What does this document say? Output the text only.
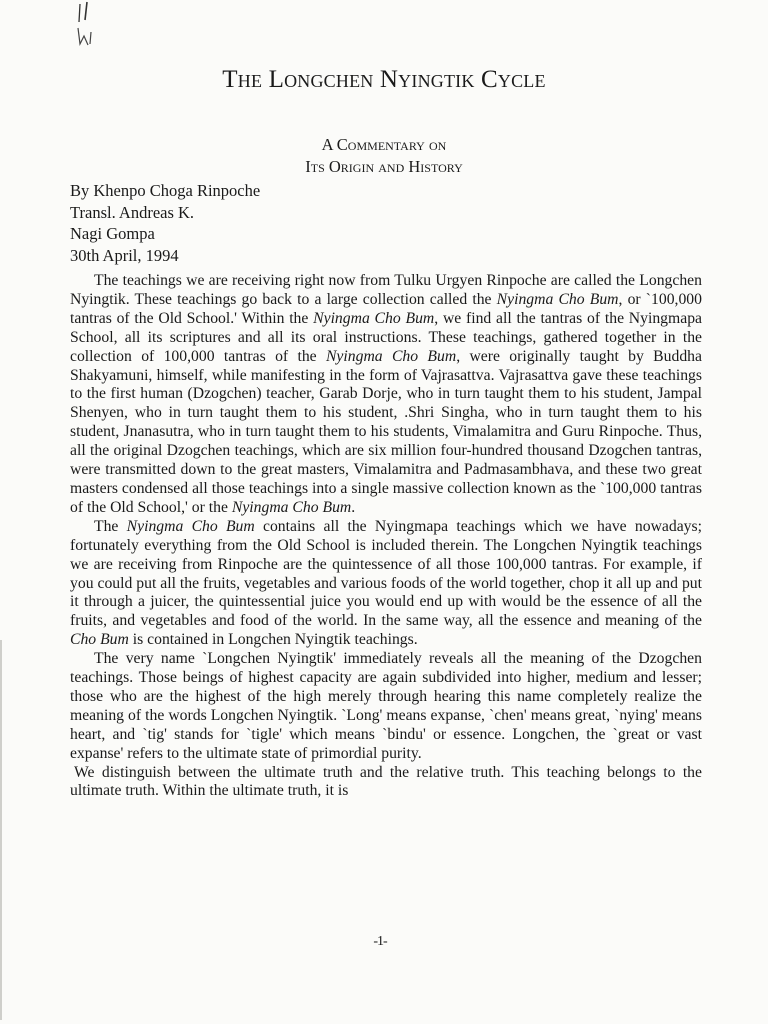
The Longchen Nyingtik Cycle
A Commentary on
Its Origin and History
By Khenpo Choga Rinpoche
Transl. Andreas K.
Nagi Gompa
30th April, 1994

The teachings we are receiving right now from Tulku Urgyen Rinpoche are called the Longchen Nyingtik. These teachings go back to a large collection called the Nyingma Cho Bum, or `100,000 tantras of the Old School.' Within the Nyingma Cho Bum, we find all the tantras of the Nyingmapa School, all its scriptures and all its oral instructions. These teachings, gathered together in the collection of 100,000 tantras of the Nyingma Cho Bum, were originally taught by Buddha Shakyamuni, himself, while manifesting in the form of Vajrasattva. Vajrasattva gave these teachings to the first human (Dzogchen) teacher, Garab Dorje, who in turn taught them to his student, Jampal Shenyen, who in turn taught them to his student, .Shri Singha, who in turn taught them to his student, Jnanasutra, who in turn taught them to his students, Vimalamitra and Guru Rinpoche. Thus, all the original Dzogchen teachings, which are six million four-hundred thousand Dzogchen tantras, were transmitted down to the great masters, Vimalamitra and Padmasambhava, and these two great masters condensed all those teachings into a single massive collection known as the `100,000 tantras of the Old School,' or the Nyingma Cho Bum.

The Nyingma Cho Bum contains all the Nyingmapa teachings which we have nowadays; fortunately everything from the Old School is included therein. The Longchen Nyingtik teachings we are receiving from Rinpoche are the quintessence of all those 100,000 tantras. For example, if you could put all the fruits, vegetables and various foods of the world together, chop it all up and put it through a juicer, the quintessential juice you would end up with would be the essence of all the fruits, and vegetables and food of the world. In the same way, all the essence and meaning of the Cho Bum is contained in Longchen Nyingtik teachings.

The very name `Longchen Nyingtik' immediately reveals all the meaning of the Dzogchen teachings. Those beings of highest capacity are again subdivided into higher, medium and lesser; those who are the highest of the high merely through hearing this name completely realize the meaning of the words Longchen Nyingtik. `Long' means expanse, `chen' means great, `nying' means heart, and `tig' stands for `tigle' which means `bindu' or essence. Longchen, the `great or vast expanse' refers to the ultimate state of primordial purity.

We distinguish between the ultimate truth and the relative truth. This teaching belongs to the ultimate truth. Within the ultimate truth, it is

-1-
